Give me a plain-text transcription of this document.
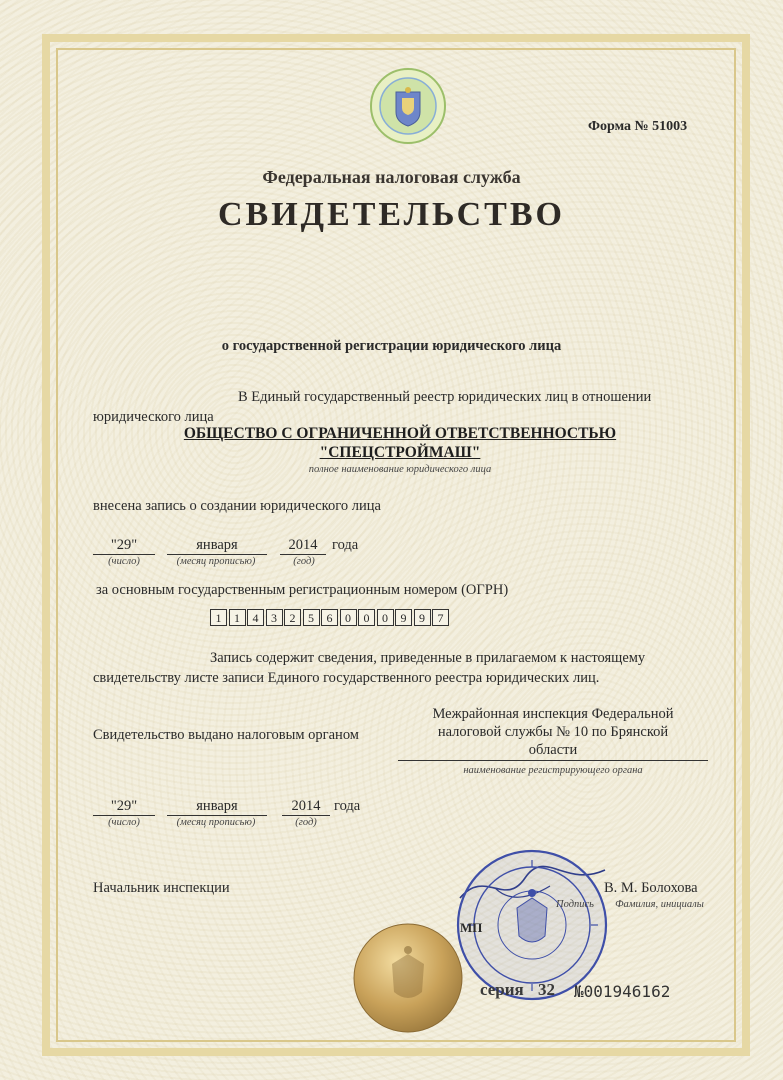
Форма № 51003
Федеральная налоговая служба
СВИДЕТЕЛЬСТВО
о государственной регистрации юридического лица
В Единый государственный реестр юридических лиц в отношении
юридического лица
ОБЩЕСТВО С ОГРАНИЧЕННОЙ ОТВЕТСТВЕННОСТЬЮ
"СПЕЦСТРОЙМАШ"
полное наименование юридического лица
внесена запись о создании юридического лица
"29"	января	2014	года
(число)	(месяц прописью)	(год)
за основным государственным регистрационным номером (ОГРН)
1	1	4	3	2	5	6	0	0	0	9	9	7
Запись содержит сведения, приведенные в прилагаемом к настоящему
свидетельству листе записи Единого государственного реестра юридических лиц.
Свидетельство выдано налоговым органом
Межрайонная инспекция Федеральной
налоговой службы № 10 по Брянской
области
наименование регистрирующего органа
"29"	января	2014 года
(число)	(месяц прописью)	(год)
Начальник инспекции	В. М. Болохова
Подпись	Фамилия, инициалы
МП
серия 32 №001946162
